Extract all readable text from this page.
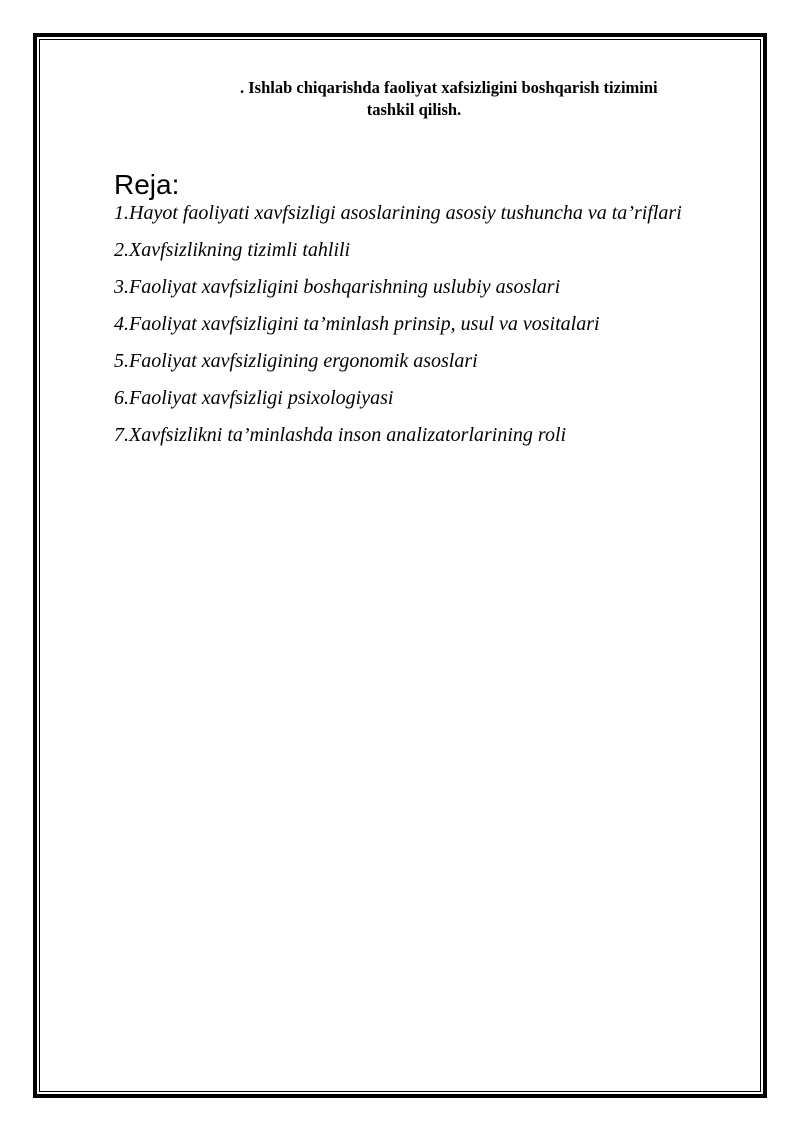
. Ishlab chiqarishda faoliyat xafsizligini boshqarish tizimini
tashkil qilish.
Reja:
1.Hayot faoliyati xavfsizligi asoslarining asosiy tushuncha va ta’riflari
2.Xavfsizlikning tizimli tahlili
3.Faoliyat xavfsizligini boshqarishning uslubiy asoslari
4.Faoliyat xavfsizligini ta’minlash prinsip, usul va vositalari
5.Faoliyat xavfsizligining ergonomik asoslari
6.Faoliyat xavfsizligi psixologiyasi
7.Xavfsizlikni ta’minlashda inson analizatorlarining roli
